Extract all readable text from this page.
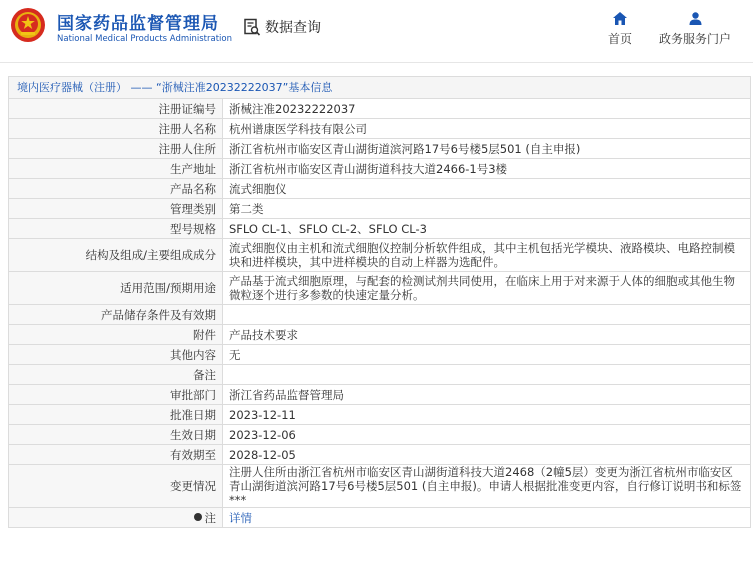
国家药品监督管理局
National Medical Products Administration
数据查询
首页	政务服务门户
境内医疗器械（注册） —— “浙械注准20232222037”基本信息
注册证编号	浙械注准20232222037
注册人名称	杭州谱康医学科技有限公司
注册人住所	浙江省杭州市临安区青山湖街道滨河路17号6号楼5层501 (自主申报)
生产地址	浙江省杭州市临安区青山湖街道科技大道2466-1号3楼
产品名称	流式细胞仪
管理类别	第二类
型号规格	SFLO CL-1、SFLO CL-2、SFLO CL-3
结构及组成/主要组成成分	流式细胞仪由主机和流式细胞仪控制分析软件组成，其中主机包括光学模块、液路模块、电路控制模块和进样模块，其中进样模块的自动上样器为选配件。
适用范围/预期用途	产品基于流式细胞原理，与配套的检测试剂共同使用，在临床上用于对来源于人体的细胞或其他生物微粒逐个进行多参数的快速定量分析。
产品储存条件及有效期	
附件	产品技术要求
其他内容	无
备注	
审批部门	浙江省药品监督管理局
批准日期	2023-12-11
生效日期	2023-12-06
有效期至	2028-12-05
变更情况	注册人住所由浙江省杭州市临安区青山湖街道科技大道2468（2幢5层）变更为浙江省杭州市临安区青山湖街道滨河路17号6号楼5层501 (自主申报)。申请人根据批准变更内容，自行修订说明书和标签***
注	详情
